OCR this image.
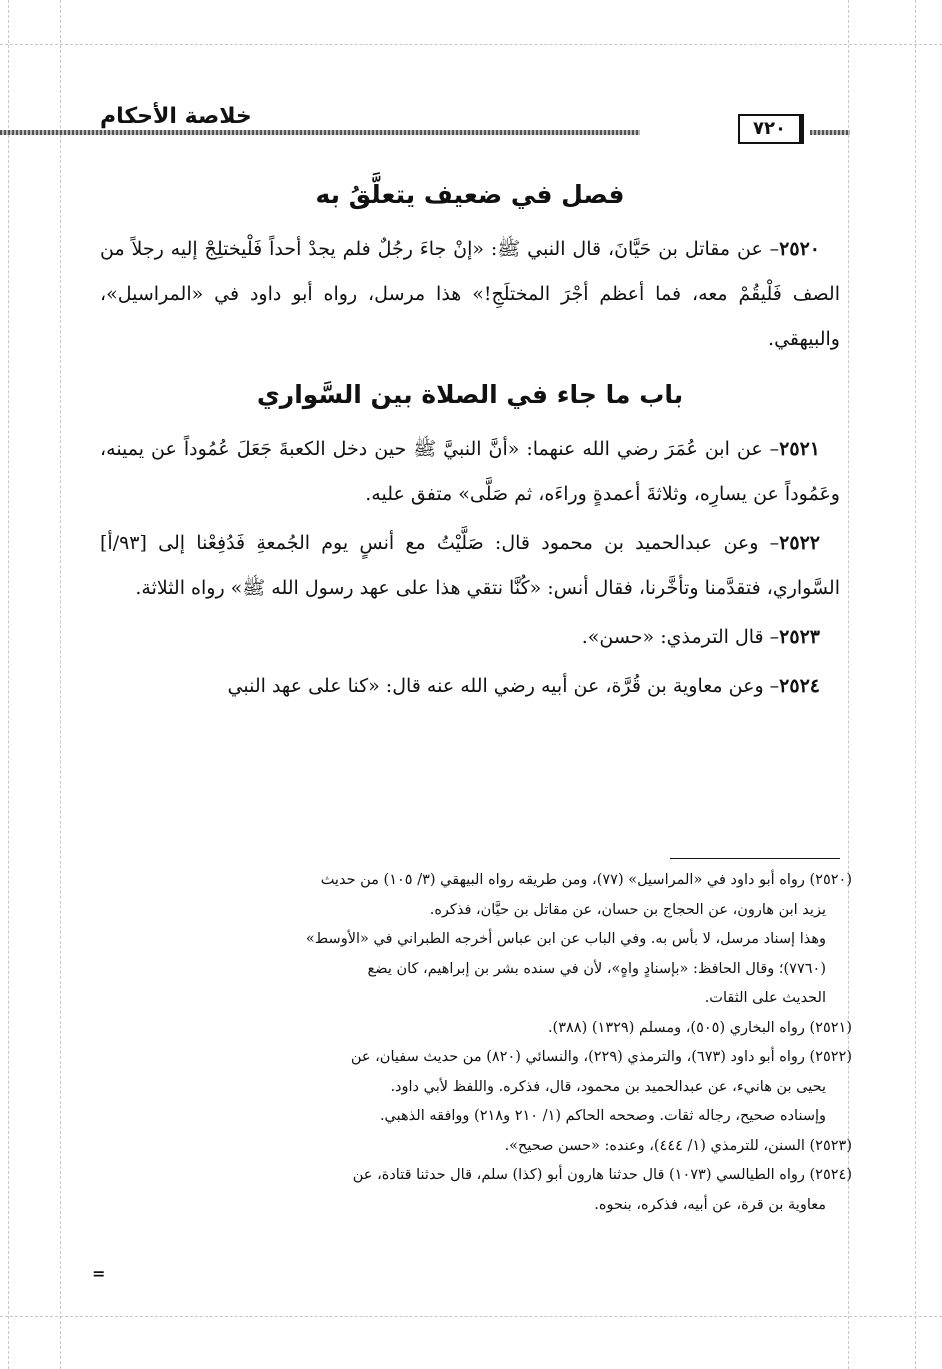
خلاصة الأحكام	٧٢٠
فصل في ضعيف يتعلَّقُ به

٢٥٢٠– عن مقاتل بن حَيَّانَ، قال النبي ﷺ: «إنْ جاءَ رجُلٌ فلم يجدْ أحداً فَلْيختلِجْ إليه رجلاً من الصف فَلْيقُمْ معه، فما أعظم أجْرَ المختلَجِ!» هذا مرسل، رواه أبو داود في «المراسيل»، والبيهقي.

باب ما جاء في الصلاة بين السَّواري

٢٥٢١– عن ابن عُمَرَ رضي الله عنهما: «أنَّ النبيَّ ﷺ حين دخل الكعبةَ جَعَلَ عُمُوداً عن يمينه، وعَمُوداً عن يسارِه، وثلاثةَ أعمدةٍ وراءَه، ثم صَلَّى» متفق عليه.

٢٥٢٢– وعن عبدالحميد بن محمود قال: صَلَّيْتُ مع أنسٍ يوم الجُمعةِ فَدُفِعْنا إلى [٩٣/أ] السَّواري، فتقدَّمنا وتأخَّرنا، فقال أنس: «كُنَّا نتقي هذا على عهد رسول الله ﷺ» رواه الثلاثة.

٢٥٢٣– قال الترمذي: «حسن».

٢٥٢٤– وعن معاوية بن قُرَّة، عن أبيه رضي الله عنه قال: «كنا على عهد النبي

(٢٥٢٠) رواه أبو داود في «المراسيل» (٧٧)، ومن طريقه رواه البيهقي (٣/ ١٠٥) من حديث

يزيد ابن هارون، عن الحجاج بن حسان، عن مقاتل بن حيَّان، فذكره.

وهذا إسناد مرسل، لا بأس به. وفي الباب عن ابن عباس أخرجه الطبراني في «الأوسط»

(٧٧٦٠)؛ وقال الحافظ: «بإسنادٍ واهٍ»، لأن في سنده بشر بن إبراهيم، كان يضع

الحديث على الثقات.

(٢٥٢١) رواه البخاري (٥٠٥)، ومسلم (١٣٢٩) (٣٨٨).

(٢٥٢٢) رواه أبو داود (٦٧٣)، والترمذي (٢٢٩)، والنسائي (٨٢٠) من حديث سفيان، عن

يحيى بن هانيء، عن عبدالحميد بن محمود، قال، فذكره. واللفظ لأبي داود.

وإسناده صحيح، رجاله ثقات. وصححه الحاكم (١/ ٢١٠ و٢١٨) ووافقه الذهبي.

(٢٥٢٣) السنن، للترمذي (١/ ٤٤٤)، وعنده: «حسن صحيح».

(٢٥٢٤) رواه الطيالسي (١٠٧٣) قال حدثنا هارون أبو (كذا) سلم، قال حدثنا قتادة، عن

معاوية بن قرة، عن أبيه، فذكره، بنحوه.

=
